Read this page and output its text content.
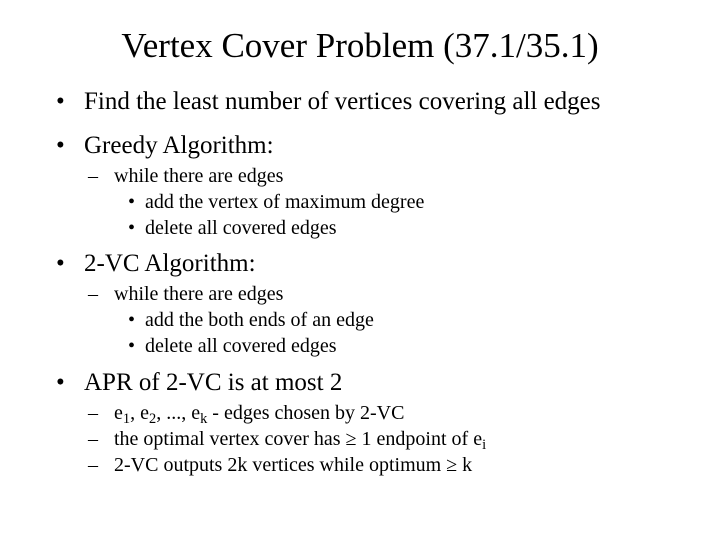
Vertex Cover Problem (37.1/35.1)
• Find the least number of vertices covering all edges
• Greedy Algorithm:
– while there are edges
• add the vertex of maximum degree
• delete all covered edges
• 2-VC Algorithm:
– while there are edges
• add the both ends of an edge
• delete all covered edges
• APR of 2-VC is at most 2
– $e_1$, $e_2$, ..., $e_k$ - edges chosen by 2-VC
– the optimal vertex cover has ≥ 1 endpoint of $e_i$
– 2-VC outputs 2k vertices while optimum ≥ k
